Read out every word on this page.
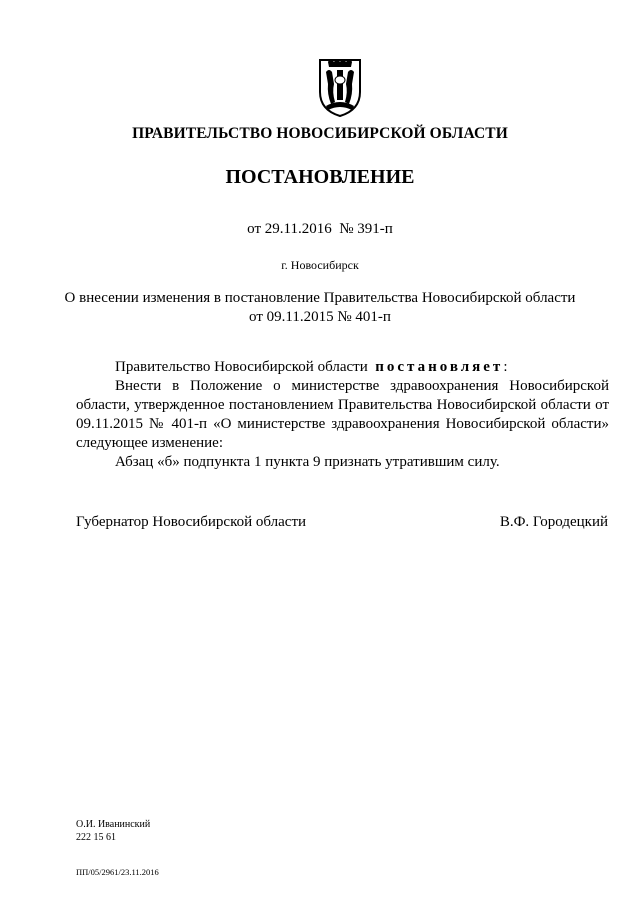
ПРАВИТЕЛЬСТВО НОВОСИБИРСКОЙ ОБЛАСТИ
ПОСТАНОВЛЕНИЕ
от 29.11.2016 № 391-п
г. Новосибирск
О внесении изменения в постановление Правительства Новосибирской области
от 09.11.2015 № 401-п
Правительство Новосибирской области постановляет:
Внести в Положение о министерстве здравоохранения Новосибирской области, утвержденное постановлением Правительства Новосибирской области от 09.11.2015 № 401-п «О министерстве здравоохранения Новосибирской области» следующее изменение:
Абзац «б» подпункта 1 пункта 9 признать утратившим силу.
Губернатор Новосибирской области	В.Ф. Городецкий
О.И. Иванинский
222 15 61
ПП/05/2961/23.11.2016
